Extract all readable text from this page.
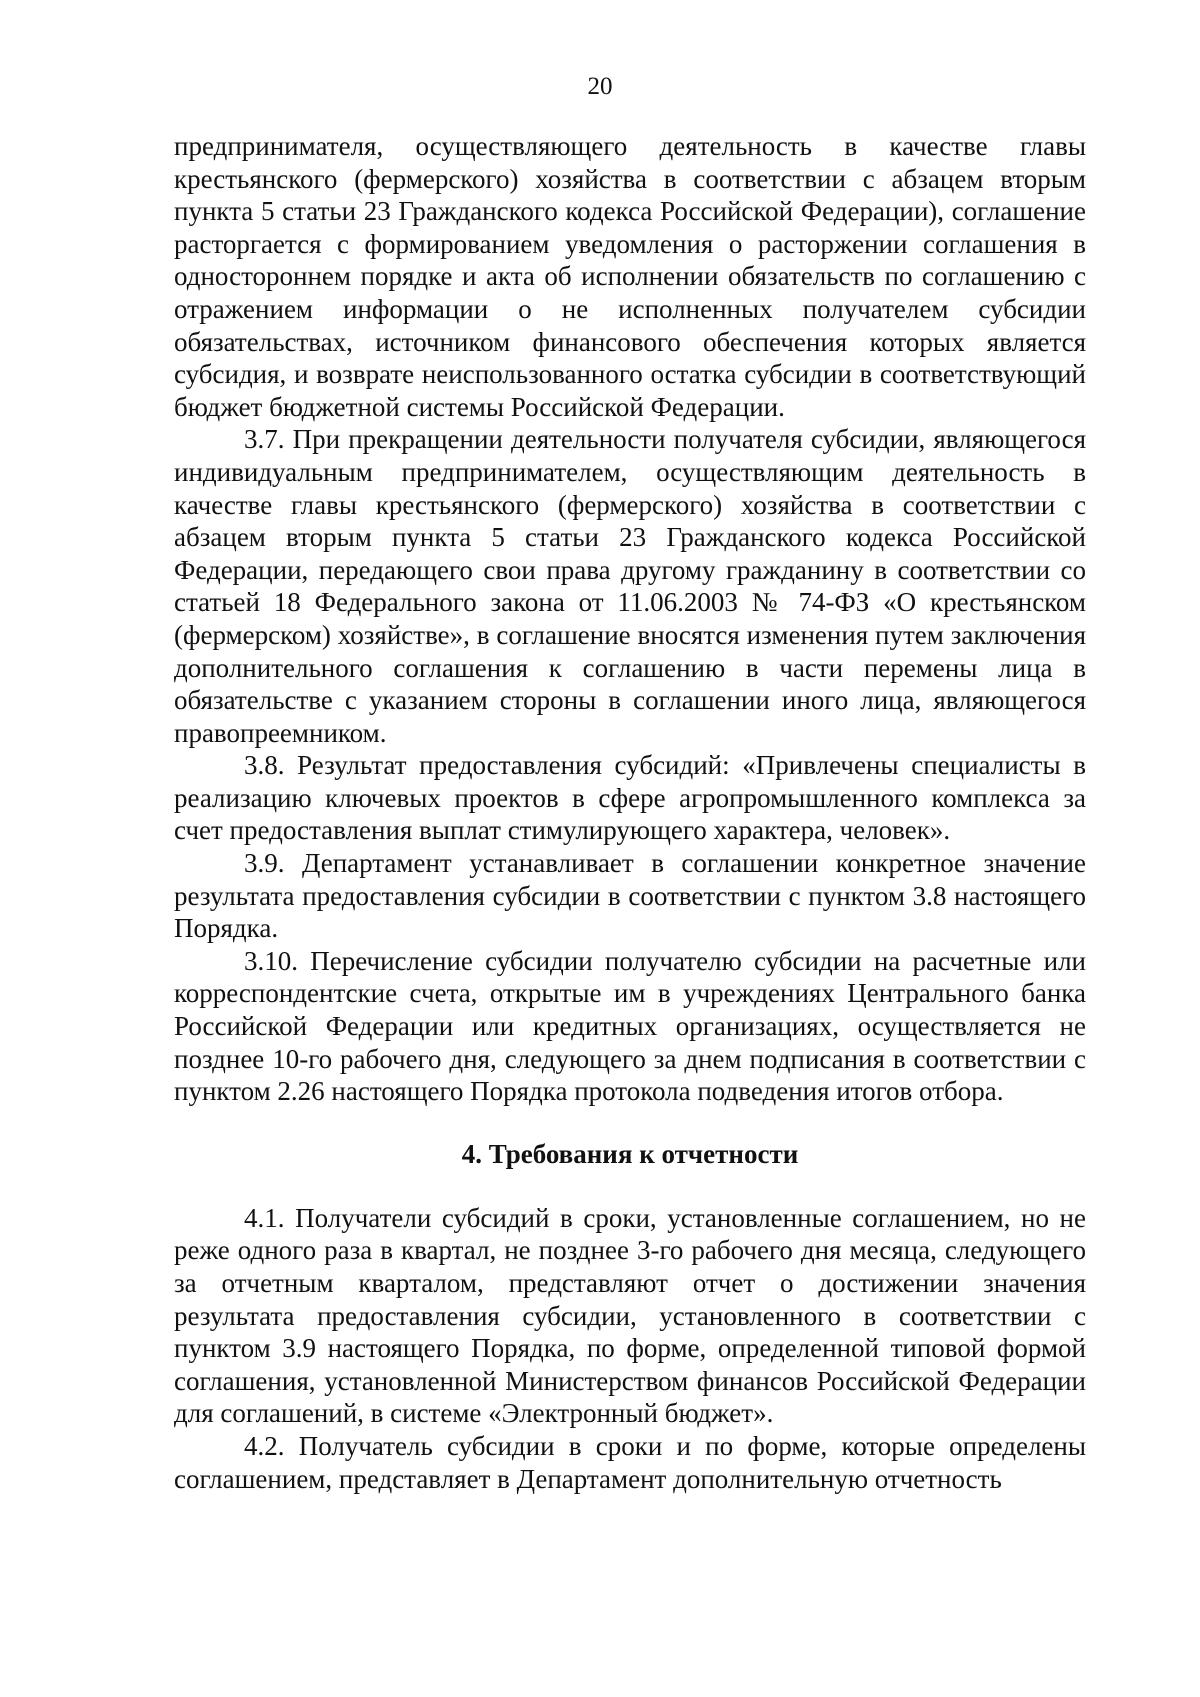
20

предпринимателя, осуществляющего деятельность в качестве главы крестьянского (фермерского) хозяйства в соответствии с абзацем вторым пункта 5 статьи 23 Гражданского кодекса Российской Федерации), соглашение расторгается с формированием уведомления о расторжении соглашения в одностороннем порядке и акта об исполнении обязательств по соглашению с отражением информации о не исполненных получателем субсидии обязательствах, источником финансового обеспечения которых является субсидия, и возврате неиспользованного остатка субсидии в соответствующий бюджет бюджетной системы Российской Федерации.

3.7. При прекращении деятельности получателя субсидии, являющегося индивидуальным предпринимателем, осуществляющим деятельность в качестве главы крестьянского (фермерского) хозяйства в соответствии с абзацем вторым пункта 5 статьи 23 Гражданского кодекса Российской Федерации, передающего свои права другому гражданину в соответствии со статьей 18 Федерального закона от 11.06.2003 № 74-ФЗ «О крестьянском (фермерском) хозяйстве», в соглашение вносятся изменения путем заключения дополнительного соглашения к соглашению в части перемены лица в обязательстве с указанием стороны в соглашении иного лица, являющегося правопреемником.

3.8. Результат предоставления субсидий: «Привлечены специалисты в реализацию ключевых проектов в сфере агропромышленного комплекса за счет предоставления выплат стимулирующего характера, человек».

3.9. Департамент устанавливает в соглашении конкретное значение результата предоставления субсидии в соответствии с пунктом 3.8 настоящего Порядка.

3.10. Перечисление субсидии получателю субсидии на расчетные или корреспондентские счета, открытые им в учреждениях Центрального банка Российской Федерации или кредитных организациях, осуществляется не позднее 10-го рабочего дня, следующего за днем подписания в соответствии с пунктом 2.26 настоящего Порядка протокола подведения итогов отбора.

4. Требования к отчетности

4.1. Получатели субсидий в сроки, установленные соглашением, но не реже одного раза в квартал, не позднее 3-го рабочего дня месяца, следующего за отчетным кварталом, представляют отчет о достижении значения результата предоставления субсидии, установленного в соответствии с пунктом 3.9 настоящего Порядка, по форме, определенной типовой формой соглашения, установленной Министерством финансов Российской Федерации для соглашений, в системе «Электронный бюджет».

4.2. Получатель субсидии в сроки и по форме, которые определены соглашением, представляет в Департамент дополнительную отчетность
